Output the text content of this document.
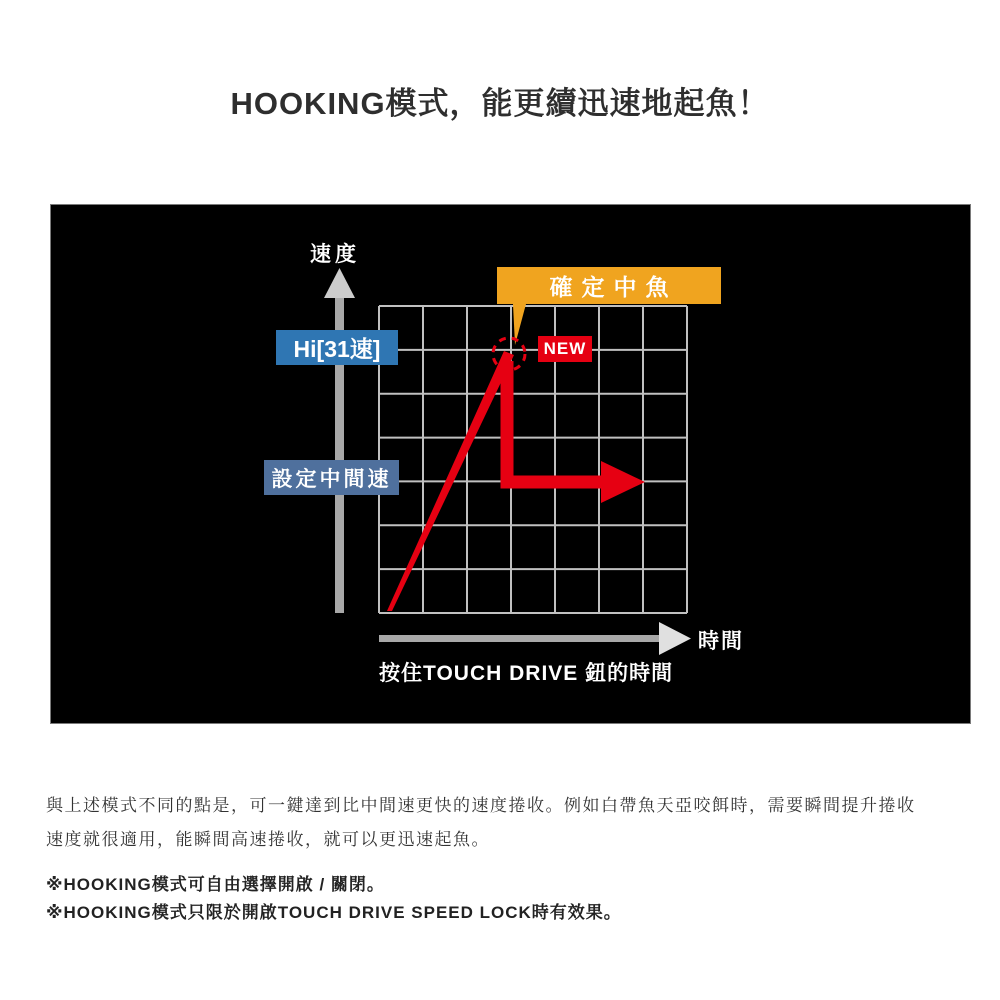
HOOKING模式，能更續迅速地起魚！
速度
確定中魚
Hi[31速]	NEW
設定中間速
時間
按住TOUCH DRIVE 鈕的時間

與上述模式不同的點是，可一鍵達到比中間速更快的速度捲收。例如白帶魚天亞咬餌時，需要瞬間提升捲收
速度就很適用，能瞬間高速捲收，就可以更迅速起魚。

※HOOKING模式可自由選擇開啟 / 關閉。

※HOOKING模式只限於開啟TOUCH DRIVE SPEED LOCK時有效果。
